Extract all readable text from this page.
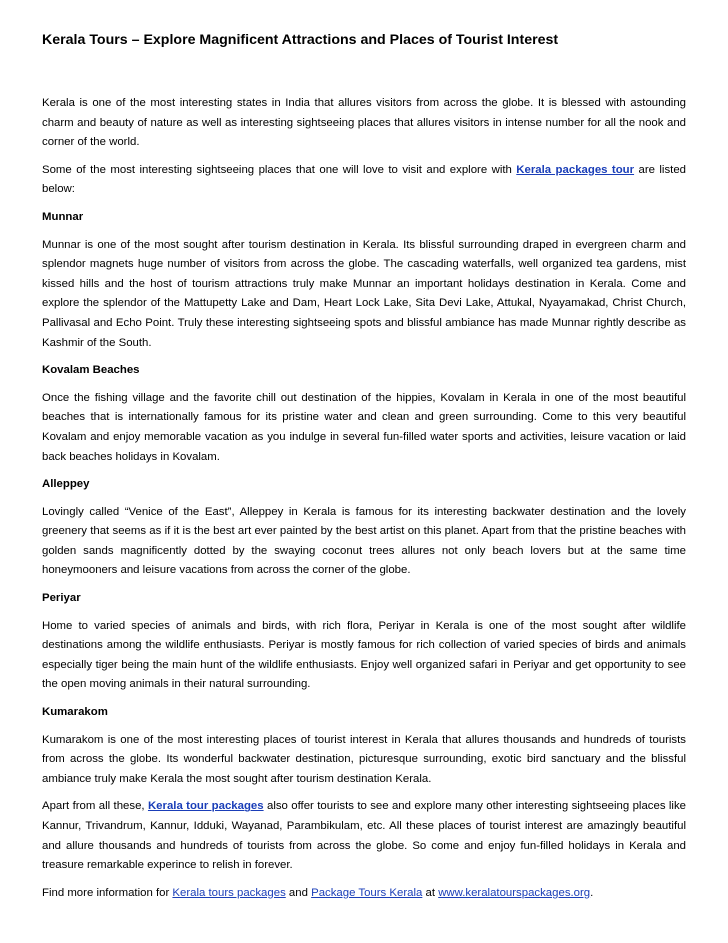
Kerala Tours – Explore Magnificent Attractions and Places of Tourist Interest

Kerala is one of the most interesting states in India that allures visitors from across the globe. It is blessed with astounding charm and beauty of nature as well as interesting sightseeing places that allures visitors in intense number for all the nook and corner of the world.

Some of the most interesting sightseeing places that one will love to visit and explore with Kerala packages tour are listed below:

Munnar

Munnar is one of the most sought after tourism destination in Kerala. Its blissful surrounding draped in evergreen charm and splendor magnets huge number of visitors from across the globe. The cascading waterfalls, well organized tea gardens, mist kissed hills and the host of tourism attractions truly make Munnar an important holidays destination in Kerala. Come and explore the splendor of the Mattupetty Lake and Dam, Heart Lock Lake, Sita Devi Lake, Attukal, Nyayamakad, Christ Church, Pallivasal and Echo Point. Truly these interesting sightseeing spots and blissful ambiance has made Munnar rightly describe as Kashmir of the South.

Kovalam Beaches

Once the fishing village and the favorite chill out destination of the hippies, Kovalam in Kerala in one of the most beautiful beaches that is internationally famous for its pristine water and clean and green surrounding. Come to this very beautiful Kovalam and enjoy memorable vacation as you indulge in several fun-filled water sports and activities, leisure vacation or laid back beaches holidays in Kovalam.

Alleppey

Lovingly called “Venice of the East”, Alleppey in Kerala is famous for its interesting backwater destination and the lovely greenery that seems as if it is the best art ever painted by the best artist on this planet. Apart from that the pristine beaches with golden sands magnificently dotted by the swaying coconut trees allures not only beach lovers but at the same time honeymooners and leisure vacations from across the corner of the globe.

Periyar

Home to varied species of animals and birds, with rich flora, Periyar in Kerala is one of the most sought after wildlife destinations among the wildlife enthusiasts. Periyar is mostly famous for rich collection of varied species of birds and animals especially tiger being the main hunt of the wildlife enthusiasts. Enjoy well organized safari in Periyar and get opportunity to see the open moving animals in their natural surrounding.

Kumarakom

Kumarakom is one of the most interesting places of tourist interest in Kerala that allures thousands and hundreds of tourists from across the globe. Its wonderful backwater destination, picturesque surrounding, exotic bird sanctuary and the blissful ambiance truly make Kerala the most sought after tourism destination Kerala.

Apart from all these, Kerala tour packages also offer tourists to see and explore many other interesting sightseeing places like Kannur, Trivandrum, Kannur, Idduki, Wayanad, Parambikulam, etc. All these places of tourist interest are amazingly beautiful and allure thousands and hundreds of tourists from across the globe. So come and enjoy fun-filled holidays in Kerala and treasure remarkable experince to relish in forever.

Find more information for Kerala tours packages and Package Tours Kerala at www.keralatourspackages.org.
